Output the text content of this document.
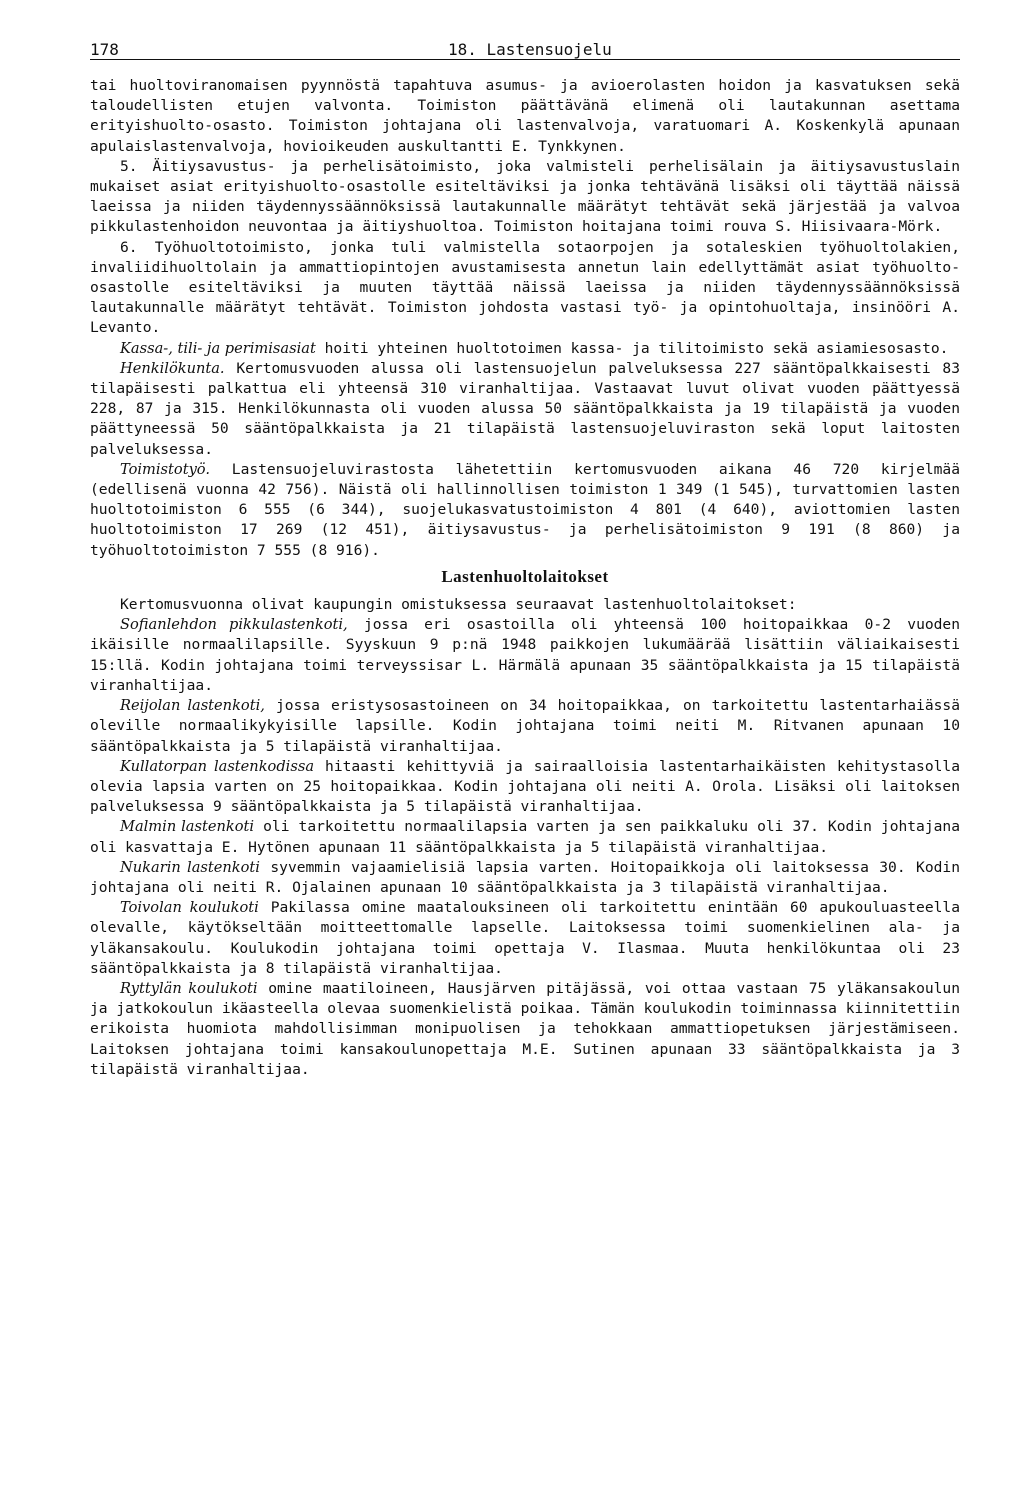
178	18. Lastensuojelu

tai huoltoviranomaisen pyynnöstä tapahtuva asumus- ja avioerolasten hoidon ja kasvatuksen sekä taloudellisten etujen valvonta. Toimiston päättävänä elimenä oli lautakunnan asettama erityishuolto-osasto. Toimiston johtajana oli lastenvalvoja, varatuomari A. Koskenkylä apunaan apulaislastenvalvoja, hovioikeuden auskultantti E. Tynkkynen.

5. Äitiysavustus- ja perhelisätoimisto, joka valmisteli perhelisälain ja äitiysavustuslain mukaiset asiat erityishuolto-osastolle esiteltäviksi ja jonka tehtävänä lisäksi oli täyttää näissä laeissa ja niiden täydennyssäännöksissä lautakunnalle määrätyt tehtävät sekä järjestää ja valvoa pikkulastenhoidon neuvontaa ja äitiyshuoltoa. Toimiston hoitajana toimi rouva S. Hiisivaara-Mörk.

6. Työhuoltotoimisto, jonka tuli valmistella sotaorpojen ja sotaleskien työhuoltolakien, invaliidihuoltolain ja ammattiopintojen avustamisesta annetun lain edellyttämät asiat työhuolto-osastolle esiteltäviksi ja muuten täyttää näissä laeissa ja niiden täydennyssäännöksissä lautakunnalle määrätyt tehtävät. Toimiston johdosta vastasi työ- ja opintohuoltaja, insinööri A. Levanto.

Kassa-, tili- ja perimisasiat hoiti yhteinen huoltotoimen kassa- ja tilitoimisto sekä asiamiesosasto.

Henkilökunta. Kertomusvuoden alussa oli lastensuojelun palveluksessa 227 sääntöpalkkaisesti 83 tilapäisesti palkattua eli yhteensä 310 viranhaltijaa. Vastaavat luvut olivat vuoden päättyessä 228, 87 ja 315. Henkilökunnasta oli vuoden alussa 50 sääntöpalkkaista ja 19 tilapäistä ja vuoden päättyneessä 50 sääntöpalkkaista ja 21 tilapäistä lastensuojeluviraston sekä loput laitosten palveluksessa.

Toimistotyö. Lastensuojeluvirastosta lähetettiin kertomusvuoden aikana 46 720 kirjelmää (edellisenä vuonna 42 756). Näistä oli hallinnollisen toimiston 1 349 (1 545), turvattomien lasten huoltotoimiston 6 555 (6 344), suojelukasvatustoimiston 4 801 (4 640), aviottomien lasten huoltotoimiston 17 269 (12 451), äitiysavustus- ja perhelisätoimiston 9 191 (8 860) ja työhuoltotoimiston 7 555 (8 916).

Lastenhuoltolaitokset

Kertomusvuonna olivat kaupungin omistuksessa seuraavat lastenhuoltolaitokset:

Sofianlehdon pikkulastenkoti, jossa eri osastoilla oli yhteensä 100 hoitopaikkaa 0-2 vuoden ikäisille normaalilapsille. Syyskuun 9 p:nä 1948 paikkojen lukumäärää lisättiin väliaikaisesti 15:llä. Kodin johtajana toimi terveyssisar L. Härmälä apunaan 35 sääntöpalkkaista ja 15 tilapäistä viranhaltijaa.

Reijolan lastenkoti, jossa eristysosastoineen on 34 hoitopaikkaa, on tarkoitettu lastentarhaiässä oleville normaalikykyisille lapsille. Kodin johtajana toimi neiti M. Ritvanen apunaan 10 sääntöpalkkaista ja 5 tilapäistä viranhaltijaa.

Kullatorpan lastenkodissa hitaasti kehittyviä ja sairaalloisia lastentarhaikäisten kehitystasolla olevia lapsia varten on 25 hoitopaikkaa. Kodin johtajana oli neiti A. Orola. Lisäksi oli laitoksen palveluksessa 9 sääntöpalkkaista ja 5 tilapäistä viranhaltijaa.

Malmin lastenkoti oli tarkoitettu normaalilapsia varten ja sen paikkaluku oli 37. Kodin johtajana oli kasvattaja E. Hytönen apunaan 11 sääntöpalkkaista ja 5 tilapäistä viranhaltijaa.

Nukarin lastenkoti syvemmin vajaamielisiä lapsia varten. Hoitopaikkoja oli laitoksessa 30. Kodin johtajana oli neiti R. Ojalainen apunaan 10 sääntöpalkkaista ja 3 tilapäistä viranhaltijaa.

Toivolan koulukoti Pakilassa omine maatalouksineen oli tarkoitettu enintään 60 apukouluasteella olevalle, käytökseltään moitteettomalle lapselle. Laitoksessa toimi suomenkielinen ala- ja yläkansakoulu. Koulukodin johtajana toimi opettaja V. Ilasmaa. Muuta henkilökuntaa oli 23 sääntöpalkkaista ja 8 tilapäistä viranhaltijaa.

Ryttylän koulukoti omine maatiloineen, Hausjärven pitäjässä, voi ottaa vastaan 75 yläkansakoulun ja jatkokoulun ikäasteella olevaa suomenkielistä poikaa. Tämän koulukodin toiminnassa kiinnitettiin erikoista huomiota mahdollisimman monipuolisen ja tehokkaan ammattiopetuksen järjestämiseen. Laitoksen johtajana toimi kansakoulunopettaja M.E. Sutinen apunaan 33 sääntöpalkkaista ja 3 tilapäistä viranhaltijaa.
